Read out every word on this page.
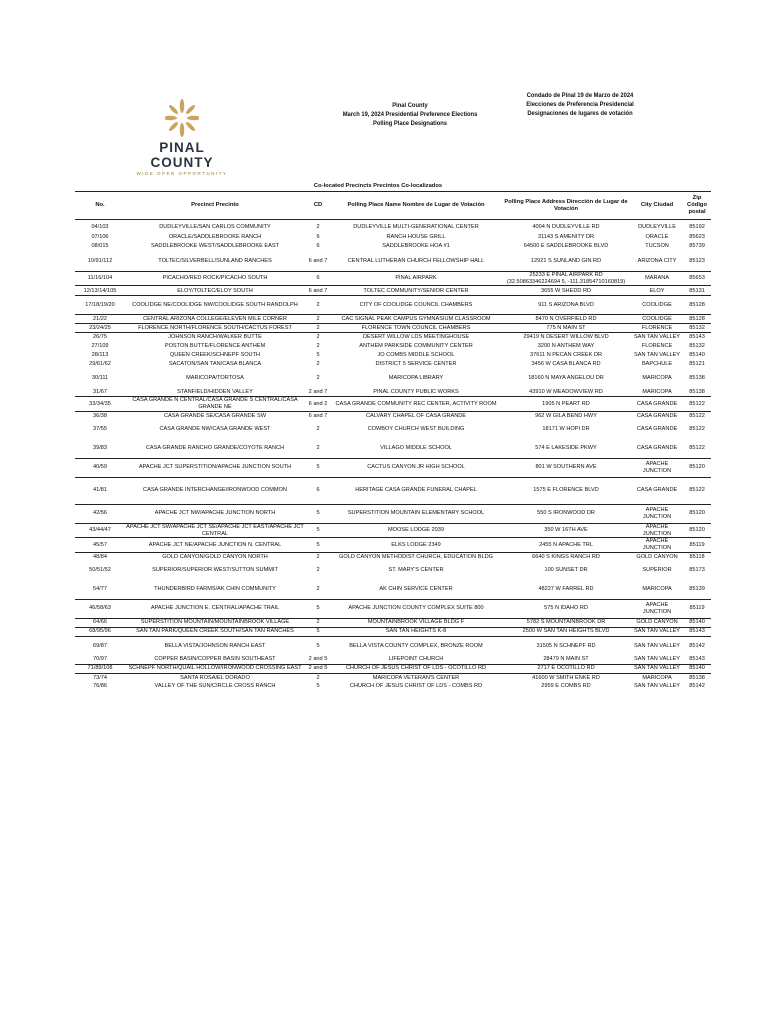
PINAL COUNTY
WIDE OPEN OPPORTUNITY
Pinal County
March 19, 2024 Presidential Preference Elections
Polling Place Designations
Condado de Pinal 19 de Marzo de 2024
Elecciones de Preferencia Presidencial
Designaciones de lugares de votación
	Co-located Precincts Precintos Co-localizados					
No.	Precinct Precinto	CD	Polling Place Name Nombre de Lugar de Votación	Polling Place Address Dirección de Lugar de Votación	City Ciudad	Zip Código postal
04/103	DUDLEYVILLE/SAN CARLOS COMMUNITY	2	DUDLEYVILLE MULTI-GENERATIONAL CENTER	4004 N DUDLEYVILLE RD	DUDLEYVILLE	85192
07/106	ORACLE/SADDLEBROOKE RANCH	6	RANCH HOUSE GRILL	31143 S AMENITY DR	ORACLE	85623
08/015	SADDLEBROOKE WEST/SADDLEBROOKE EAST	6	SADDLEBROOKE HOA #1	64500 E SADDLEBROOKE BLVD	TUCSON	85739
10/91/112	TOLTEC/SILVERBELL/SUNLAND RANCHES	6 and 7	CENTRAL LUTHERAN CHURCH FELLOWSHIP HALL	12921 S SUNLAND GIN RD	ARIZONA CITY	85123
11/16/104	PICACHO/RED ROCK/PICACHO SOUTH	6	PINAL AIRPARK	25233 E PINAL AIRPARK RD (32.50863346224694 5, -111.31854710160819)	MARANA	85653
12/13/14/105	ELOY/TOLTEC/ELOY SOUTH	6 and 7	TOLTEC COMMUNITY/SENIOR CENTER	3655 W SHEDD RD	ELOY	85131
17/18/19/20	COOLIDGE NE/COOLIDGE NW/COOLIDGE SOUTH RANDOLPH	2	CITY OF COOLIDGE COUNCIL CHAMBERS	911 S ARIZONA BLVD	COOLIDGE	85128
21/22	CENTRAL ARIZONA COLLEGE/ELEVEN MILE CORNER	2	CAC SIGNAL PEAK CAMPUS GYMNASIUM CLASSROOM	8470 N OVERFIELD RD	COOLIDGE	85128
23/24/25	FLORENCE NORTH/FLORENCE SOUTH/CACTUS FOREST	2	FLORENCE TOWN COUNCIL CHAMBERS	775 N MAIN ST	FLORENCE	85132
26/75	JOHNSON RANCH/WALKER BUTTE	2	DESERT WILLOW LDS MEETINGHOUSE	29419 N DESERT WILLOW BLVD	SAN TAN VALLEY	85143
27/109	POSTON BUTTE/FLORENCE ANTHEM	2	ANTHEM PARKSIDE COMMUNITY CENTER	3200 N ANTHEM WAY	FLORENCE	85132
28/113	QUEEN CREEK/SCHNEPF SOUTH	5	JO COMBS MIDDLE SCHOOL	37611 N PECAN CREEK DR	SAN TAN VALLEY	85140
29/61/62	SACATON/SAN TAN/CASA BLANCA	2	DISTRICT 5 SERVICE CENTER	3456 W CASA BLANCA RD	BAPCHULE	85121
30/111	MARICOPA/TORTOSA	2	MARICOPA LIBRARY	18160 N MAYA ANGELOU DR	MARICOPA	85138
31/67	STANFIELD/HIDDEN VALLEY	2 and 7	PINAL COUNTY PUBLIC WORKS	43910 W MEADOWVIEW RD	MARICOPA	85138
33/34/35	CASA GRANDE N CENTRAL/CASA GRANDE S CENTRAL/CASA GRANDE NE	6 and 2	CASA GRANDE COMMUNITY REC CENTER, ACTIVITY ROOM	1905 N PEART RD	CASA GRANDE	85122
36/38	CASA GRANDE SE/CASA GRANDE SW	6 and 7	CALVARY CHAPEL OF CASA GRANDE	962 W GILA BEND HWY	CASA GRANDE	85122
37/55	CASA GRANDE NW/CASA GRANDE WEST	2	COWBOY CHURCH WEST BUILDING	18171 W HOPI DR	CASA GRANDE	85122
39/83	CASA GRANDE RANCHO GRANDE/COYOTE RANCH	2	VILLAGO MIDDLE SCHOOL	574 E LAKESIDE PKWY	CASA GRANDE	85122
40/59	APACHE JCT SUPERSTITION/APACHE JUNCTION SOUTH	5	CACTUS CANYON JR HIGH SCHOOL	801 W SOUTHERN AVE	APACHE JUNCTION	85120
41/81	CASA GRANDE INTERCHANGE/IRONWOOD COMMON	6	HERITAGE CASA GRANDE FUNERAL CHAPEL	1575 E FLORENCE BLVD	CASA GRANDE	85122
42/56	APACHE JCT NW/APACHE JUNCTION NORTH	5	SUPERSTITION MOUNTAIN ELEMENTARY SCHOOL	550 S IRONWOOD DR	APACHE JUNCTION	85120
43/44/47	APACHE JCT SW/APACHE JCT SE/APACHE JCT EAST/APACHE JCT CENTRAL	5	MOOSE LODGE 2039	350 W 16TH AVE	APACHE JUNCTION	85120
45/57	APACHE JCT NE/APACHE JUNCTION N. CENTRAL	5	ELKS LODGE 2349	2455 N APACHE TRL	APACHE JUNCTION	85119
48/84	GOLD CANYON/GOLD CANYON NORTH	2	GOLD CANYON METHODIST CHURCH, EDUCATION BLDG	6640 S KINGS RANCH RD	GOLD CANYON	85118
50/51/52	SUPERIOR/SUPERIOR WEST/SUTTON SUMMIT	2	ST. MARY'S CENTER	100 SUNSET DR	SUPERIOR	85173
54/77	THUNDERBIRD FARMS/AK CHIN COMMUNITY	2	AK CHIN SERVICE CENTER	48227 W FARREL RD	MARICOPA	85139
46/58/63	APACHE JUNCTION E. CENTRAL/APACHE TRAIL	5	APACHE JUNCTION COUNTY COMPLEX SUITE 800	575 N IDAHO RD	APACHE JUNCTION	85119
64/66	SUPERSTITION MOUNTAIN/MOUNTAINBROOK VILLAGE	2	MOUNTAINBROOK VILLAGE BLDG F	5782 S MOUNTAINBROOK DR	GOLD CANYON	85140
68/95/96	SAN TAN PARK/QUEEN CREEK SOUTH/SAN TAN RANCHES	5	SAN TAN HEIGHTS K-8	2500 W SAN TAN HEIGHTS BLVD	SAN TAN VALLEY	85143
69/87	BELLA VISTA/JOHNSON RANCH EAST	5	BELLA VISTA COUNTY COMPLEX, BRONZE ROOM	31505 N SCHNEPF RD	SAN TAN VALLEY	85142
70/97	COPPER BASIN/COPPER BASIN SOUTHEAST	2 and 5	LIFEPOINT CHURCH	28479 N MAIN ST	SAN TAN VALLEY	85143
71/89/108	SCHNEPF NORTH/QUAIL HOLLOW/IRONWOOD CROSSING EAST	2 and 5	CHURCH OF JESUS CHRIST OF LDS - OCOTILLO RD	2717 E OCOTILLO RD	SAN TAN VALLEY	85140
73/74	SANTA ROSA/EL DORADO	2	MARICOPA VETERAN'S CENTER	41600 W SMITH ENKE RD	MARICOPA	85138
76/86	VALLEY OF THE SUN/CIRCLE CROSS RANCH	5	CHURCH OF JESUS CHRIST OF LDS - COMBS RD	2959 E COMBS RD	SAN TAN VALLEY	85142
